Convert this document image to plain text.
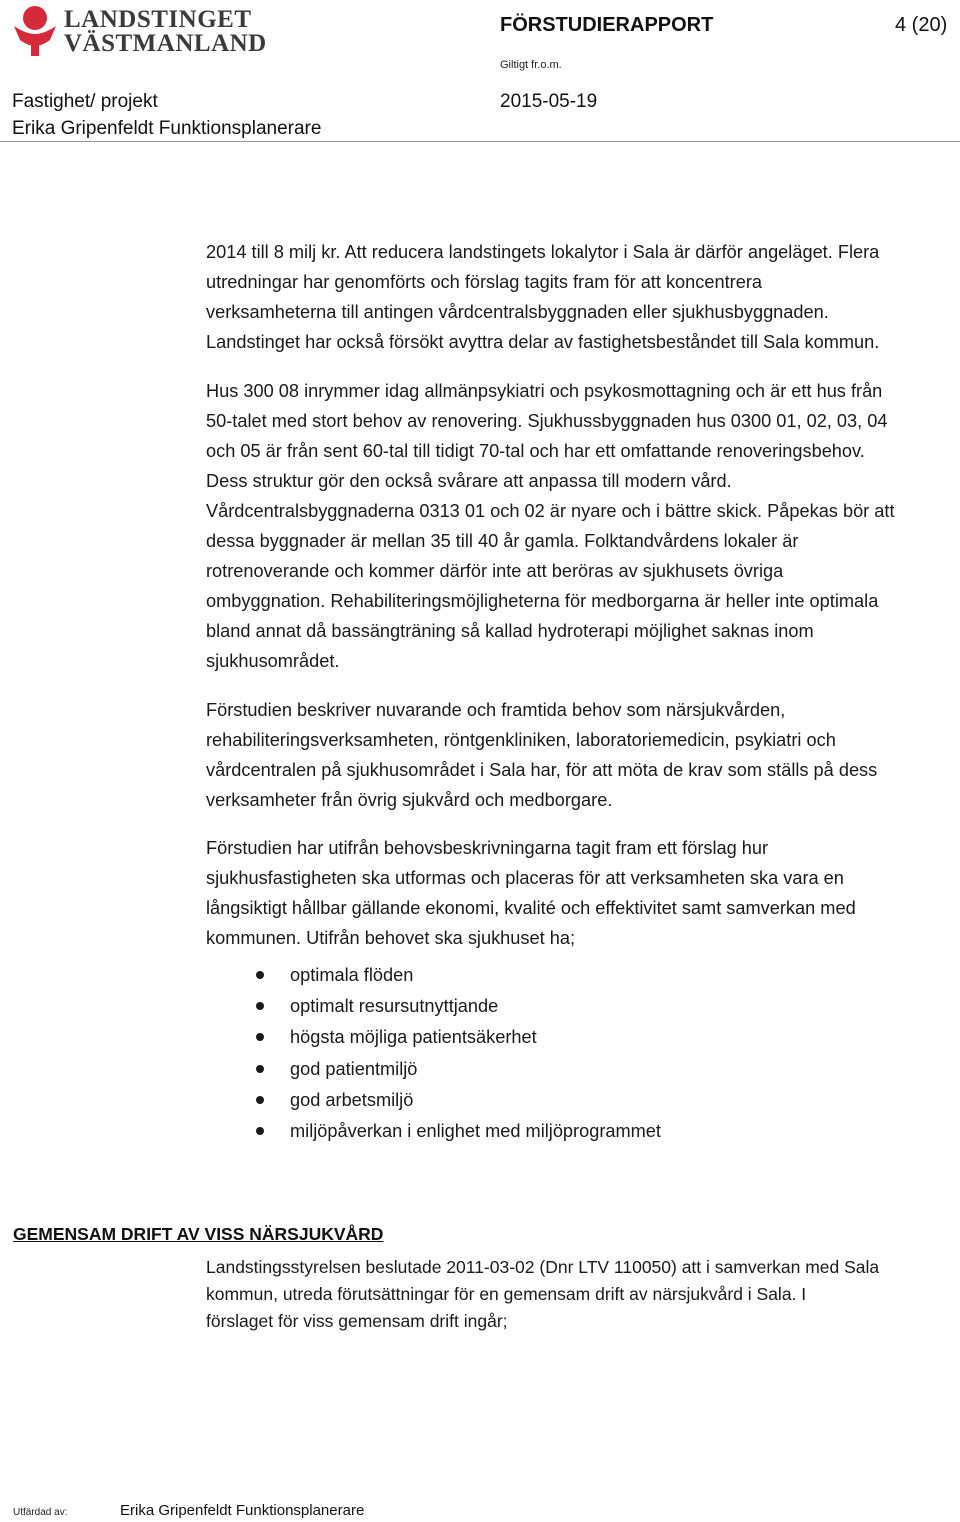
LANDSTINGET
VÄSTMANLAND
FÖRSTUDIERAPPORT	4 (20)
Giltigt fr.o.m.
Fastighet/ projekt	2015-05-19
Erika Gripenfeldt Funktionsplanerare

2014 till 8 milj kr. Att reducera landstingets lokalytor i Sala är därför angeläget. Flera

utredningar har genomförts och förslag tagits fram för att koncentrera

verksamheterna till antingen vårdcentralsbyggnaden eller sjukhusbyggnaden.

Landstinget har också försökt avyttra delar av fastighetsbeståndet till Sala kommun.

Hus 300 08 inrymmer idag allmänpsykiatri och psykosmottagning och är ett hus från

50-talet med stort behov av renovering. Sjukhussbyggnaden hus 0300 01, 02, 03, 04

och 05 är från sent 60-tal till tidigt 70-tal och har ett omfattande renoveringsbehov.

Dess struktur gör den också svårare att anpassa till modern vård.

Vårdcentralsbyggnaderna 0313 01 och 02 är nyare och i bättre skick. Påpekas bör att

dessa byggnader är mellan 35 till 40 år gamla. Folktandvårdens lokaler är

rotrenoverande och kommer därför inte att beröras av sjukhusets övriga

ombyggnation. Rehabiliteringsmöjligheterna för medborgarna är heller inte optimala

bland annat då bassängträning så kallad hydroterapi möjlighet saknas inom

sjukhusområdet.

Förstudien beskriver nuvarande och framtida behov som närsjukvården,

rehabiliteringsverksamheten, röntgenkliniken, laboratoriemedicin, psykiatri och

vårdcentralen på sjukhusområdet i Sala har, för att möta de krav som ställs på dess

verksamheter från övrig sjukvård och medborgare.

Förstudien har utifrån behovsbeskrivningarna tagit fram ett förslag hur

sjukhusfastigheten ska utformas och placeras för att verksamheten ska vara en

långsiktigt hållbar gällande ekonomi, kvalité och effektivitet samt samverkan med

kommunen. Utifrån behovet ska sjukhuset ha;

optimala flöden
optimalt resursutnyttjande
högsta möjliga patientsäkerhet
god patientmiljö
god arbetsmiljö
miljöpåverkan i enlighet med miljöprogrammet
GEMENSAM DRIFT AV VISS NÄRSJUKVÅRD

Landstingsstyrelsen beslutade 2011-03-02 (Dnr LTV 110050) att i samverkan med Sala

kommun, utreda förutsättningar för en gemensam drift av närsjukvård i Sala. I

förslaget för viss gemensam drift ingår;

Utfärdad av:	Erika Gripenfeldt Funktionsplanerare
